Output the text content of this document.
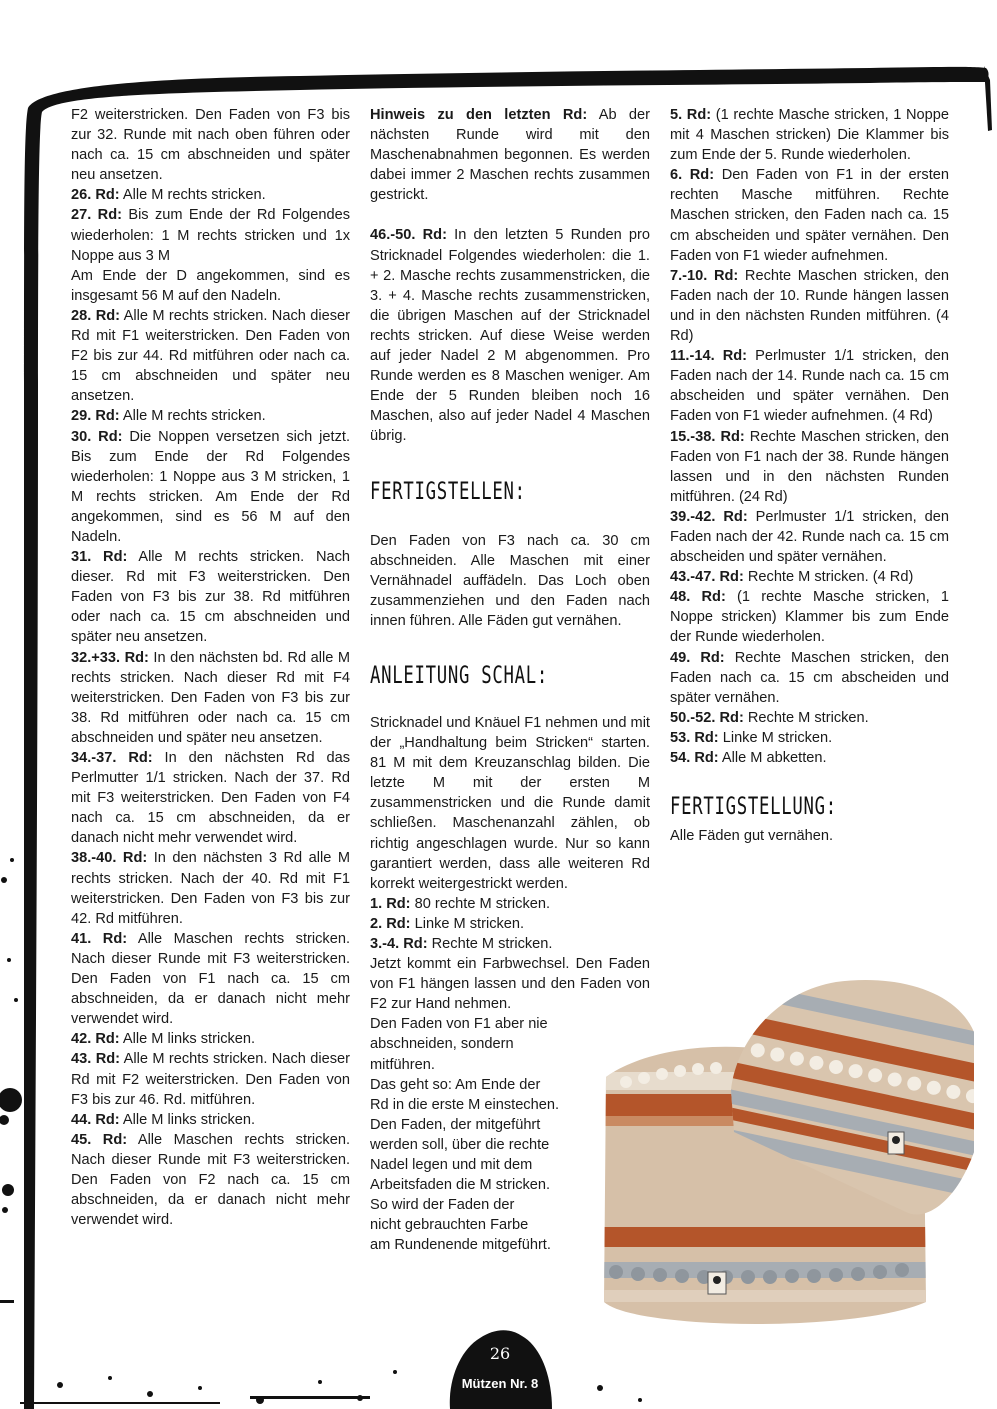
F2 weiterstricken. Den Faden von F3 bis zur 32. Runde mit nach oben führen oder nach ca. 15 cm abschneiden und später neu ansetzen.

26. Rd: Alle M rechts stricken.

27. Rd: Bis zum Ende der Rd Folgendes wiederholen: 1 M rechts stricken und 1x Noppe aus 3 M

Am Ende der D angekommen, sind es insgesamt 56 M auf den Nadeln.

28. Rd: Alle M rechts stricken. Nach dieser Rd mit F1 weiterstricken. Den Faden von F2 bis zur 44. Rd mitführen oder nach ca. 15 cm abschneiden und später neu ansetzen.

29. Rd: Alle M rechts stricken.

30. Rd: Die Noppen versetzen sich jetzt. Bis zum Ende der Rd Folgendes wiederholen: 1 Noppe aus 3 M stricken, 1 M rechts stricken. Am Ende der Rd angekommen, sind es 56 M auf den Nadeln.

31. Rd: Alle M rechts stricken. Nach dieser. Rd mit F3 weiterstricken. Den Faden von F3 bis zur 38. Rd mitführen oder nach ca. 15 cm abschneiden und später neu ansetzen.

32.+33. Rd: In den nächsten bd. Rd alle M rechts stricken. Nach dieser Rd mit F4 weiterstricken. Den Faden von F3 bis zur 38. Rd mitführen oder nach ca. 15 cm abschneiden und später neu ansetzen.

34.-37. Rd: In den nächsten Rd das Perlmutter 1/1 stricken. Nach der 37. Rd mit F3 weiterstricken. Den Faden von F4 nach ca. 15 cm abschneiden, da er danach nicht mehr verwendet wird.

38.-40. Rd: In den nächsten 3 Rd alle M rechts stricken. Nach der 40. Rd mit F1 weiterstricken. Den Faden von F3 bis zur 42. Rd mitführen.

41. Rd: Alle Maschen rechts stricken. Nach dieser Runde mit F3 weiterstricken. Den Faden von F1 nach ca. 15 cm abschneiden, da er danach nicht mehr verwendet wird.

42. Rd: Alle M links stricken.

43. Rd: Alle M rechts stricken. Nach dieser Rd mit F2 weiterstricken. Den Faden von F3 bis zur 46. Rd. mitführen.

44. Rd: Alle M links stricken.

45. Rd: Alle Maschen rechts stricken. Nach dieser Runde mit F3 weiterstricken. Den Faden von F2 nach ca. 15 cm abschneiden, da er danach nicht mehr verwendet wird.

Hinweis zu den letzten Rd: Ab der nächsten Runde wird mit den Maschenabnahmen begonnen. Es werden dabei immer 2 Maschen rechts zusammen gestrickt.

46.-50. Rd: In den letzten 5 Runden pro Stricknadel Folgendes wiederholen: die 1. + 2. Masche rechts zusammenstricken, die 3. + 4. Masche rechts zusammenstricken, die übrigen Maschen auf der Stricknadel rechts stricken. Auf diese Weise werden auf jeder Nadel 2 M abgenommen. Pro Runde werden es 8 Maschen weniger. Am Ende der 5 Runden bleiben noch 16 Maschen, also auf jeder Nadel 4 Maschen übrig.

FERTIGSTELLEN:

Den Faden von F3 nach ca. 30 cm abschneiden. Alle Maschen mit einer Vernähnadel auffädeln. Das Loch oben zusammenziehen und den Faden nach innen führen. Alle Fäden gut vernähen.

ANLEITUNG SCHAL:

Stricknadel und Knäuel F1 nehmen und mit der „Handhaltung beim Stricken“ starten. 81 M mit dem Kreuzanschlag bilden. Die letzte M mit der ersten M zusammenstricken und die Runde damit schließen. Maschenanzahl zählen, ob richtig angeschlagen wurde. Nur so kann garantiert werden, dass alle weiteren Rd korrekt weitergestrickt werden.

1. Rd: 80 rechte M stricken.

2. Rd: Linke M stricken.

3.-4. Rd: Rechte M stricken.

Jetzt kommt ein Farbwechsel. Den Faden von F1 hängen lassen und den Faden von F2 zur Hand nehmen.

Den Faden von F1 aber nie

abschneiden, sondern

mitführen.

Das geht so: Am Ende der

Rd in die erste M einstechen.

Den Faden, der mitgeführt

werden soll, über die rechte

Nadel legen und mit dem

Arbeitsfaden die M stricken.

So wird der Faden der

nicht gebrauchten Farbe

am Rundenende mitgeführt.

5. Rd: (1 rechte Masche stricken, 1 Noppe mit 4 Maschen stricken) Die Klammer bis zum Ende der 5. Runde wiederholen.

6. Rd: Den Faden von F1 in der ersten rechten Masche mitführen. Rechte Maschen stricken, den Faden nach ca. 15 cm abscheiden und später vernähen. Den Faden von F1 wieder aufnehmen.

7.-10. Rd: Rechte Maschen stricken, den Faden nach der 10. Runde hängen lassen und in den nächsten Runden mitführen. (4 Rd)

11.-14. Rd: Perlmuster 1/1 stricken, den Faden nach der 14. Runde nach ca. 15 cm abscheiden und später vernähen. Den Faden von F1 wieder aufnehmen. (4 Rd)

15.-38. Rd: Rechte Maschen stricken, den Faden von F1 nach der 38. Runde hängen lassen und in den nächsten Runden mitführen. (24 Rd)

39.-42. Rd: Perlmuster 1/1 stricken, den Faden nach der 42. Runde nach ca. 15 cm abscheiden und später vernähen.

43.-47. Rd: Rechte M stricken. (4 Rd)

48. Rd: (1 rechte Masche stricken, 1 Noppe stricken) Klammer bis zum Ende der Runde wiederholen.

49. Rd: Rechte Maschen stricken, den Faden nach ca. 15 cm abscheiden und später vernähen.

50.-52. Rd: Rechte M stricken.

53. Rd: Linke M stricken.

54. Rd: Alle M abketten.

FERTIGSTELLUNG:

Alle Fäden gut vernähen.

26
Mützen Nr. 8
